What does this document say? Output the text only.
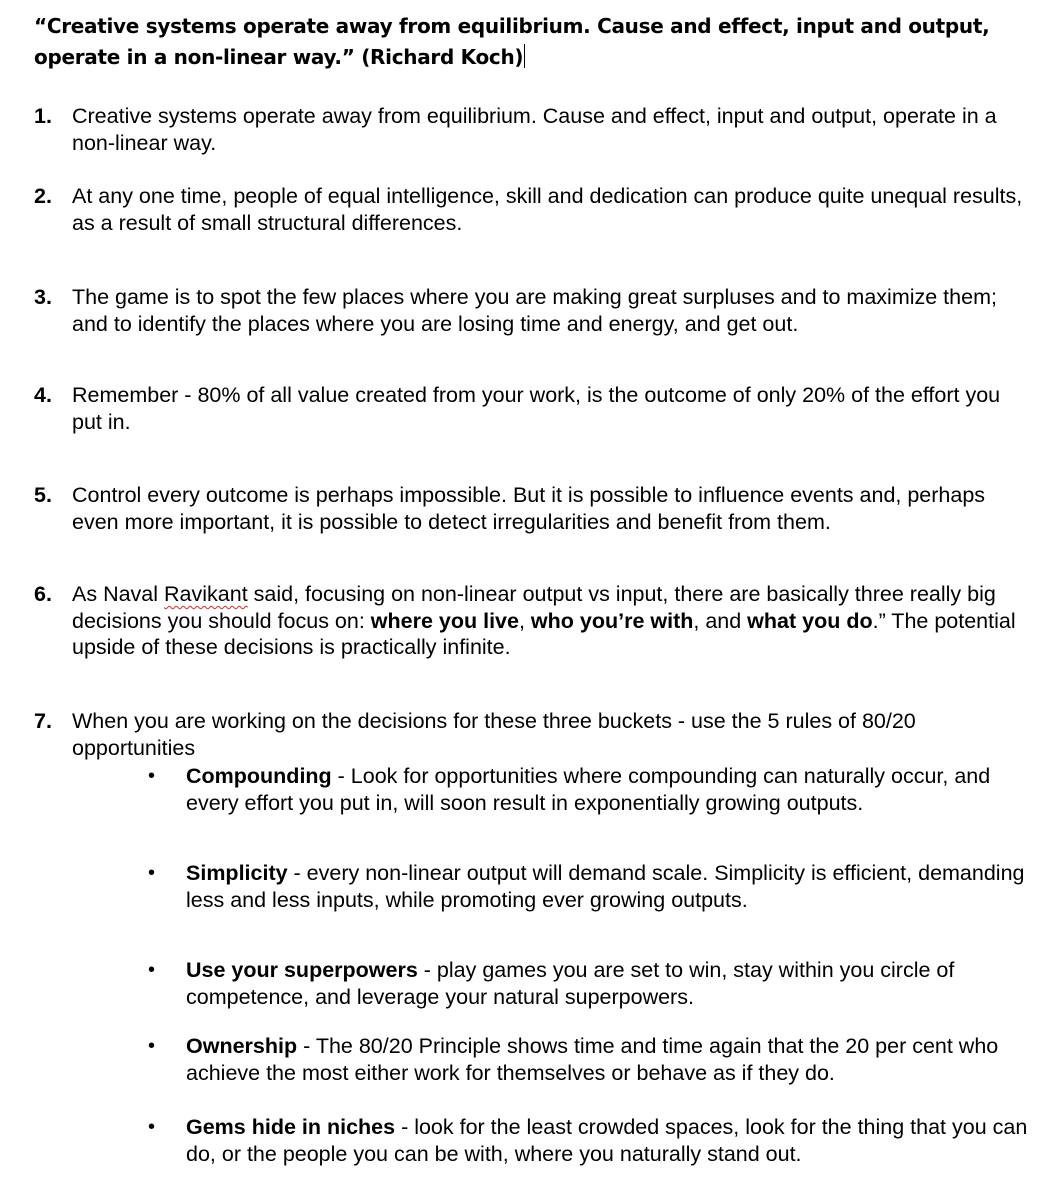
“Creative systems operate away from equilibrium. Cause and effect, input and output,
operate in a non-linear way.” (Richard Koch)
1. Creative systems operate away from equilibrium. Cause and effect, input and output, operate in a non-linear way.
2. At any one time, people of equal intelligence, skill and dedication can produce quite unequal results, as a result of small structural differences.
3. The game is to spot the few places where you are making great surpluses and to maximize them; and to identify the places where you are losing time and energy, and get out.
4. Remember - 80% of all value created from your work, is the outcome of only 20% of the effort you put in.
5. Control every outcome is perhaps impossible. But it is possible to influence events and, perhaps even more important, it is possible to detect irregularities and benefit from them.
6. As Naval Ravikant said, focusing on non-linear output vs input, there are basically three really big decisions you should focus on: where you live, who you’re with, and what you do.” The potential upside of these decisions is practically infinite.
7. When you are working on the decisions for these three buckets - use the 5 rules of 80/20 opportunities
• Compounding - Look for opportunities where compounding can naturally occur, and every effort you put in, will soon result in exponentially growing outputs.
• Simplicity - every non-linear output will demand scale. Simplicity is efficient, demanding less and less inputs, while promoting ever growing outputs.
• Use your superpowers - play games you are set to win, stay within you circle of competence, and leverage your natural superpowers.
• Ownership - The 80/20 Principle shows time and time again that the 20 per cent who achieve the most either work for themselves or behave as if they do.
• Gems hide in niches - look for the least crowded spaces, look for the thing that you can do, or the people you can be with, where you naturally stand out.
